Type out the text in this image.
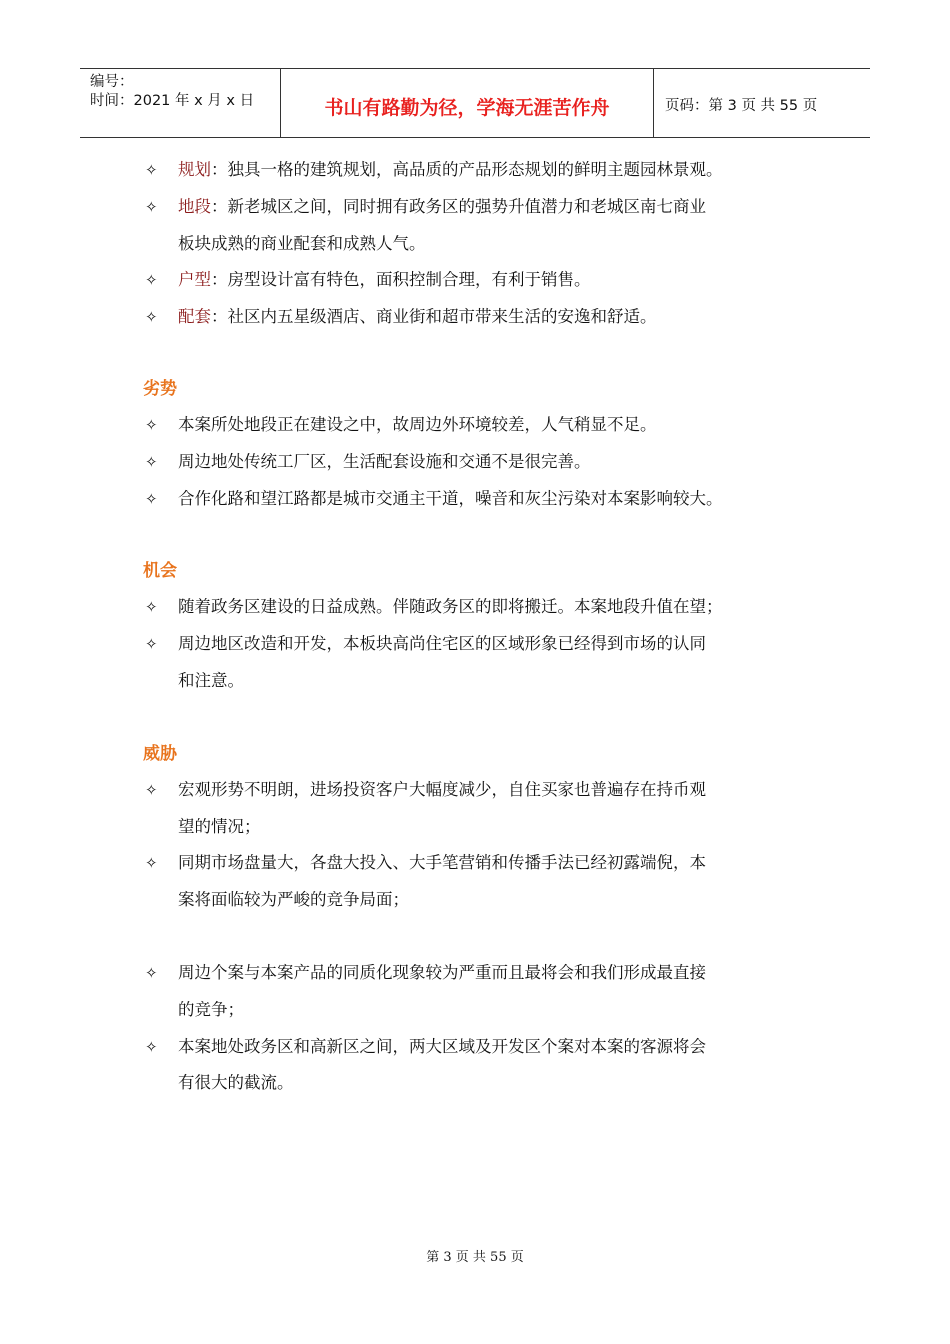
编号：
时间：2021 年 x 月 x 日	书山有路勤为径，学海无涯苦作舟	页码：第 3 页 共 55 页
✧	规划：独具一格的建筑规划，高品质的产品形态规划的鲜明主题园林景观。
✧	地段：新老城区之间，同时拥有政务区的强势升值潜力和老城区南七商业
板块成熟的商业配套和成熟人气。
✧	户型：房型设计富有特色，面积控制合理，有利于销售。
✧	配套：社区内五星级酒店、商业街和超市带来生活的安逸和舒适。
劣势
✧	本案所处地段正在建设之中，故周边外环境较差，人气稍显不足。
✧	周边地处传统工厂区，生活配套设施和交通不是很完善。
✧	合作化路和望江路都是城市交通主干道，噪音和灰尘污染对本案影响较大。
机会
✧	随着政务区建设的日益成熟。伴随政务区的即将搬迁。本案地段升值在望；
✧	周边地区改造和开发，本板块高尚住宅区的区域形象已经得到市场的认同
和注意。
威胁
✧	宏观形势不明朗，进场投资客户大幅度减少，自住买家也普遍存在持币观
望的情况；
✧	同期市场盘量大，各盘大投入、大手笔营销和传播手法已经初露端倪，本
案将面临较为严峻的竞争局面；
✧	周边个案与本案产品的同质化现象较为严重而且最将会和我们形成最直接
的竞争；
✧	本案地处政务区和高新区之间，两大区域及开发区个案对本案的客源将会
有很大的截流。
第 3 页 共 55 页
